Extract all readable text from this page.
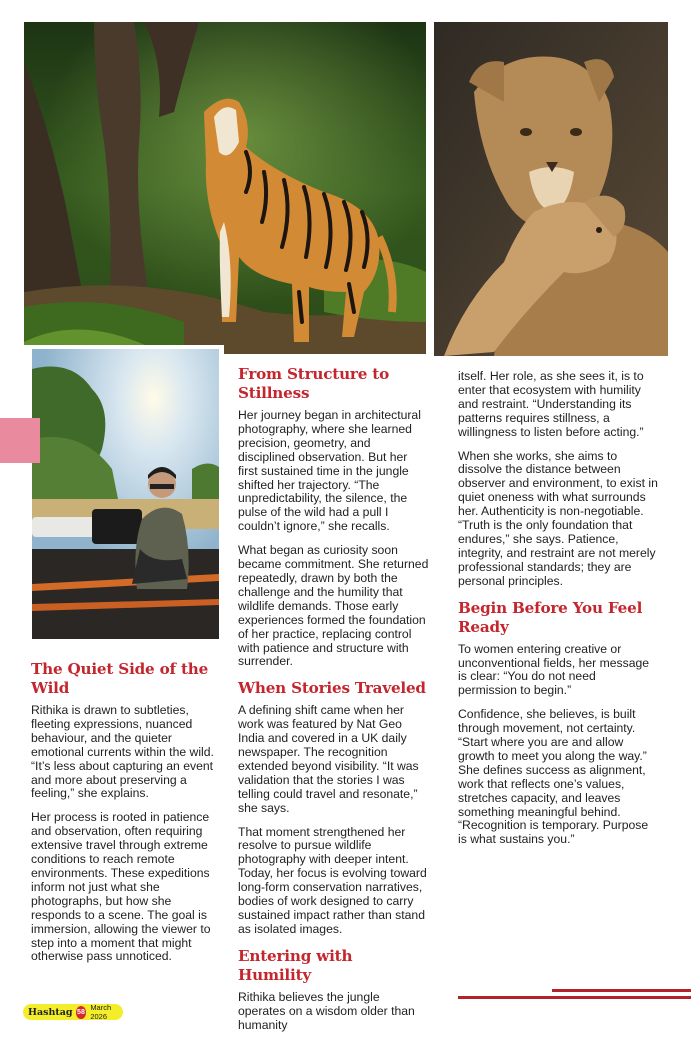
The Quiet Side of the Wild

Rithika is drawn to subtleties, fleeting expressions, nuanced behaviour, and the quieter emotional currents within the wild. “It’s less about capturing an event and more about preserving a feeling,” she explains.

Her process is rooted in patience and observation, often requiring extensive travel through extreme conditions to reach remote environments. These expeditions inform not just what she photographs, but how she responds to a scene. The goal is immersion, allowing the viewer to step into a moment that might otherwise pass unnoticed.

From Structure to Stillness

Her journey began in architectural photography, where she learned precision, geometry, and disciplined observation. But her first sustained time in the jungle shifted her trajectory. “The unpredictability, the silence, the pulse of the wild had a pull I couldn’t ignore,” she recalls.

What began as curiosity soon became commitment. She returned repeatedly, drawn by both the challenge and the humility that wildlife demands. Those early experiences formed the foundation of her practice, replacing control with patience and structure with surrender.

When Stories Traveled

A defining shift came when her work was featured by Nat Geo India and covered in a UK daily newspaper. The recognition extended beyond visibility. “It was validation that the stories I was telling could travel and resonate,” she says.

That moment strengthened her resolve to pursue wildlife photography with deeper intent. Today, her focus is evolving toward long-form conservation narratives, bodies of work designed to carry sustained impact rather than stand as isolated images.

Entering with Humility

Rithika believes the jungle operates on a wisdom older than humanity

itself. Her role, as she sees it, is to enter that ecosystem with humility and restraint. “Understanding its patterns requires stillness, a willingness to listen before acting.”

When she works, she aims to dissolve the distance between observer and environment, to exist in quiet oneness with what surrounds her. Authenticity is non-negotiable. “Truth is the only foundation that endures,” she says. Patience, integrity, and restraint are not merely professional standards; they are personal principles.

Begin Before You Feel Ready

To women entering creative or unconventional fields, her message is clear: “You do not need permission to begin.”

Confidence, she believes, is built through movement, not certainty. “Start where you are and allow growth to meet you along the way.” She defines success as alignment, work that reflects one’s values, stretches capacity, and leaves something meaningful behind. “Recognition is temporary. Purpose is what sustains you.”

Hashtag 58 March 2026
